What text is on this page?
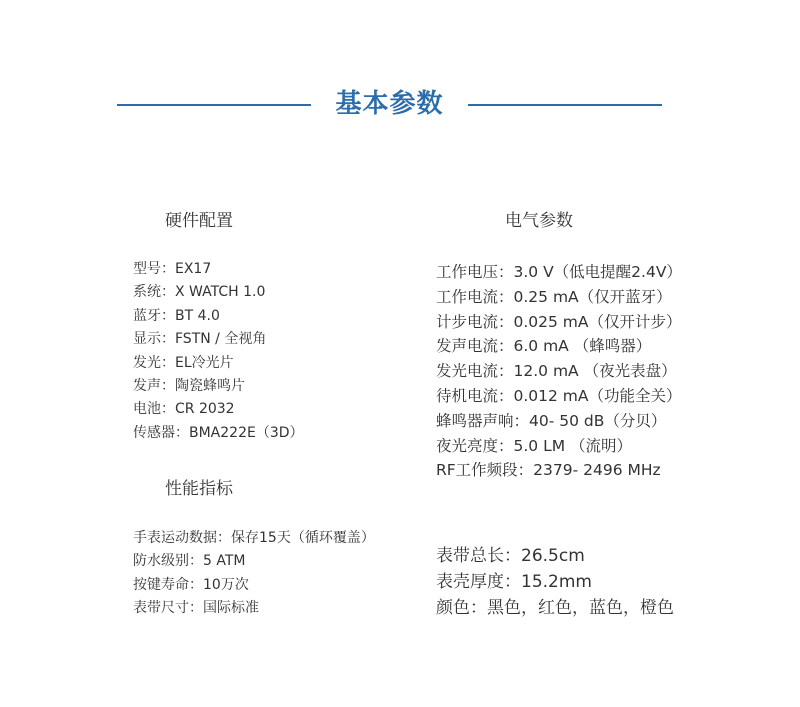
基本参数
硬件配置
型号：EX17
系统：X WATCH 1.0
蓝牙：BT 4.0
显示：FSTN / 全视角
发光：EL冷光片
发声：陶瓷蜂鸣片
电池：CR 2032
传感器：BMA222E（3D）
电气参数
工作电压：3.0 V（低电提醒2.4V）
工作电流：0.25 mA（仅开蓝牙）
计步电流：0.025 mA（仅开计步）
发声电流：6.0 mA （蜂鸣器）
发光电流：12.0 mA （夜光表盘）
待机电流：0.012 mA（功能全关）
蜂鸣器声响：40- 50 dB（分贝）
夜光亮度：5.0 LM （流明）
RF工作频段：2379- 2496 MHz
性能指标
手表运动数据：保存15天（循环覆盖）
防水级别：5 ATM
按键寿命：10万次
表带尺寸：国际标准
表带总长：26.5cm
表壳厚度：15.2mm
颜色：黑色，红色，蓝色，橙色
